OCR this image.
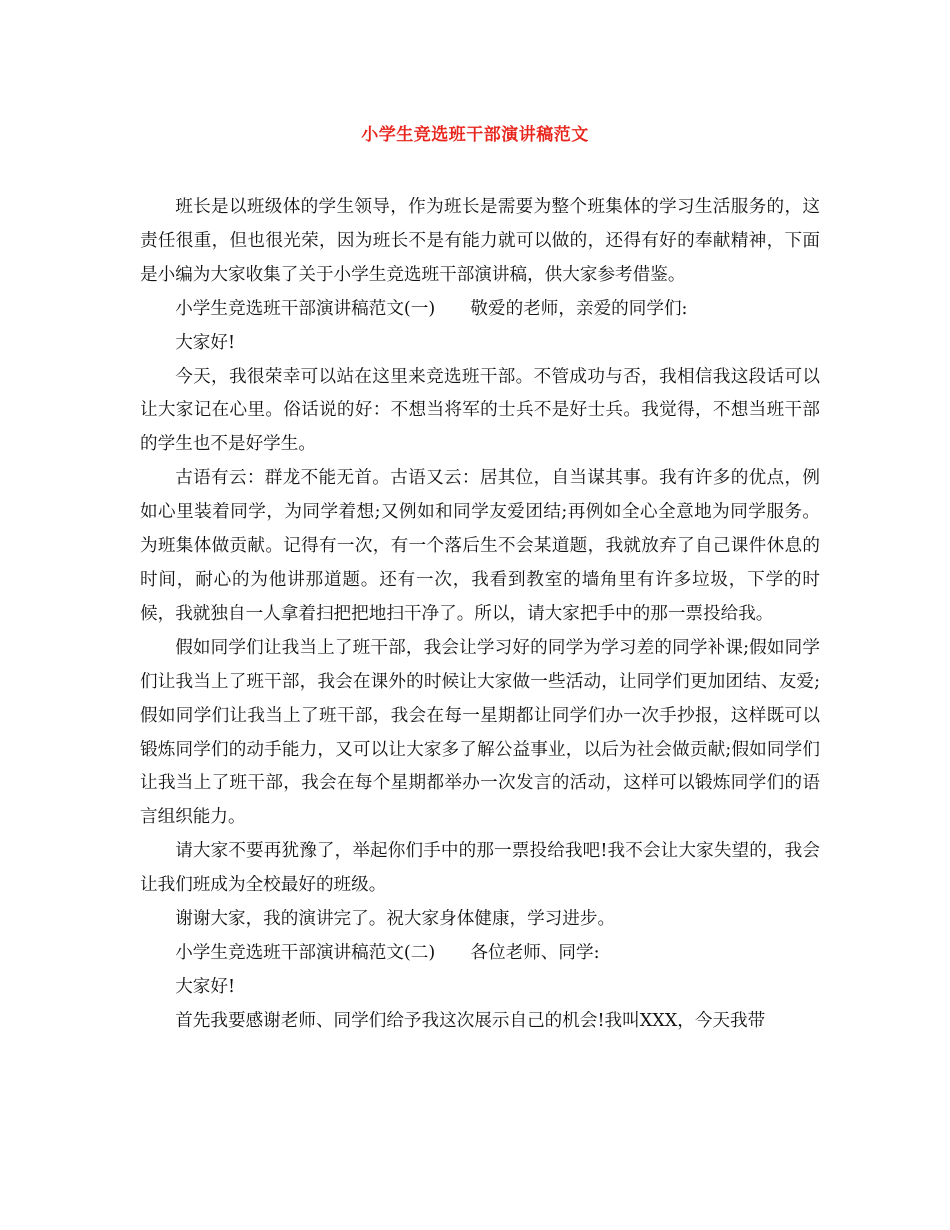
小学生竞选班干部演讲稿范文

班长是以班级体的学生领导，作为班长是需要为整个班集体的学习生活服务的，这责任很重，但也很光荣，因为班长不是有能力就可以做的，还得有好的奉献精神，下面是小编为大家收集了关于小学生竞选班干部演讲稿，供大家参考借鉴。

小学生竞选班干部演讲稿范文(一)　　敬爱的老师，亲爱的同学们:

大家好!

今天，我很荣幸可以站在这里来竞选班干部。不管成功与否，我相信我这段话可以让大家记在心里。俗话说的好：不想当将军的士兵不是好士兵。我觉得，不想当班干部的学生也不是好学生。

古语有云：群龙不能无首。古语又云：居其位，自当谋其事。我有许多的优点，例如心里装着同学，为同学着想;又例如和同学友爱团结;再例如全心全意地为同学服务。为班集体做贡献。记得有一次，有一个落后生不会某道题，我就放弃了自己课件休息的时间，耐心的为他讲那道题。还有一次，我看到教室的墙角里有许多垃圾，下学的时候，我就独自一人拿着扫把把地扫干净了。所以，请大家把手中的那一票投给我。

假如同学们让我当上了班干部，我会让学习好的同学为学习差的同学补课;假如同学们让我当上了班干部，我会在课外的时候让大家做一些活动，让同学们更加团结、友爱;假如同学们让我当上了班干部，我会在每一星期都让同学们办一次手抄报，这样既可以锻炼同学们的动手能力，又可以让大家多了解公益事业，以后为社会做贡献;假如同学们让我当上了班干部，我会在每个星期都举办一次发言的活动，这样可以锻炼同学们的语言组织能力。

请大家不要再犹豫了，举起你们手中的那一票投给我吧!我不会让大家失望的，我会让我们班成为全校最好的班级。

谢谢大家，我的演讲完了。祝大家身体健康，学习进步。

小学生竞选班干部演讲稿范文(二)　　各位老师、同学:

大家好!

首先我要感谢老师、同学们给予我这次展示自己的机会!我叫XXX，今天我带
